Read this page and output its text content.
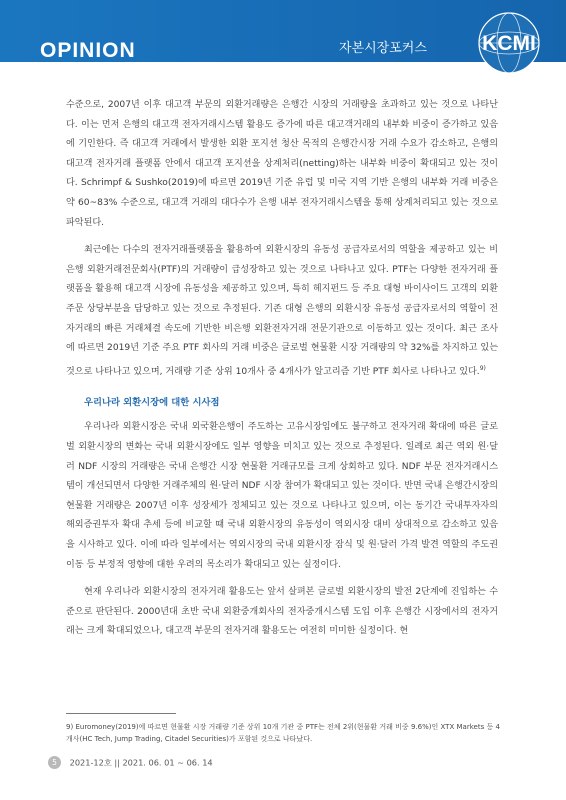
OPINION	자본시장포커스	KCMI

수준으로, 2007년 이후 대고객 부문의 외환거래량은 은행간 시장의 거래량을 초과하고 있는 것으로 나타난다. 이는 먼저 은행의 대고객 전자거래시스템 활용도 증가에 따른 대고객거래의 내부화 비중이 증가하고 있음에 기인한다. 즉 대고객 거래에서 발생한 외환 포지션 청산 목적의 은행간시장 거래 수요가 감소하고, 은행의 대고객 전자거래 플랫폼 안에서 대고객 포지션을 상계처리(netting)하는 내부화 비중이 확대되고 있는 것이다. Schrimpf & Sushko(2019)에 따르면 2019년 기준 유럽 및 미국 지역 기반 은행의 내부화 거래 비중은 약 60~83% 수준으로, 대고객 거래의 대다수가 은행 내부 전자거래시스템을 통해 상계처리되고 있는 것으로 파악된다.

최근에는 다수의 전자거래플랫폼을 활용하여 외환시장의 유동성 공급자로서의 역할을 제공하고 있는 비은행 외환거래전문회사(PTF)의 거래량이 급성장하고 있는 것으로 나타나고 있다. PTF는 다양한 전자거래 플랫폼을 활용해 대고객 시장에 유동성을 제공하고 있으며, 특히 헤지펀드 등 주요 대형 바이사이드 고객의 외환주문 상당부분을 담당하고 있는 것으로 추정된다. 기존 대형 은행의 외환시장 유동성 공급자로서의 역할이 전자거래의 빠른 거래체결 속도에 기반한 비은행 외환전자거래 전문기관으로 이동하고 있는 것이다. 최근 조사에 따르면 2019년 기준 주요 PTF 회사의 거래 비중은 글로벌 현물환 시장 거래량의 약 32%를 차지하고 있는 것으로 나타나고 있으며, 거래량 기준 상위 10개사 중 4개사가 알고리즘 기반 PTF 회사로 나타나고 있다.$^{9)}$

우리나라 외환시장에 대한 시사점

우리나라 외환시장은 국내 외국환은행이 주도하는 고유시장임에도 불구하고 전자거래 확대에 따른 글로벌 외환시장의 변화는 국내 외환시장에도 일부 영향을 미치고 있는 것으로 추정된다. 일례로 최근 역외 원·달러 NDF 시장의 거래량은 국내 은행간 시장 현물환 거래규모를 크게 상회하고 있다. NDF 부문 전자거래시스템이 개선되면서 다양한 거래주체의 원·달러 NDF 시장 참여가 확대되고 있는 것이다. 반면 국내 은행간시장의 현물환 거래량은 2007년 이후 성장세가 정체되고 있는 것으로 나타나고 있으며, 이는 동기간 국내투자자의 해외증권투자 확대 추세 등에 비교할 때 국내 외환시장의 유동성이 역외시장 대비 상대적으로 감소하고 있음을 시사하고 있다. 이에 따라 일부에서는 역외시장의 국내 외환시장 잠식 및 원·달러 가격 발견 역할의 주도권 이동 등 부정적 영향에 대한 우려의 목소리가 확대되고 있는 실정이다.

현재 우리나라 외환시장의 전자거래 활용도는 앞서 살펴본 글로벌 외환시장의 발전 2단계에 진입하는 수준으로 판단된다. 2000년대 초반 국내 외환중개회사의 전자중개시스템 도입 이후 은행간 시장에서의 전자거래는 크게 확대되었으나, 대고객 부문의 전자거래 활용도는 여전히 미미한 실정이다. 현

9) Euromoney(2019)에 따르면 현물환 시장 거래량 기준 상위 10개 기관 중 PTF는 전체 2위(현물환 거래 비중 9.6%)인 XTX Markets 등 4개사(HC Tech, Jump Trading, Citadel Securities)가 포함된 것으로 나타났다.
5 2021-12호 || 2021. 06. 01 ~ 06. 14
